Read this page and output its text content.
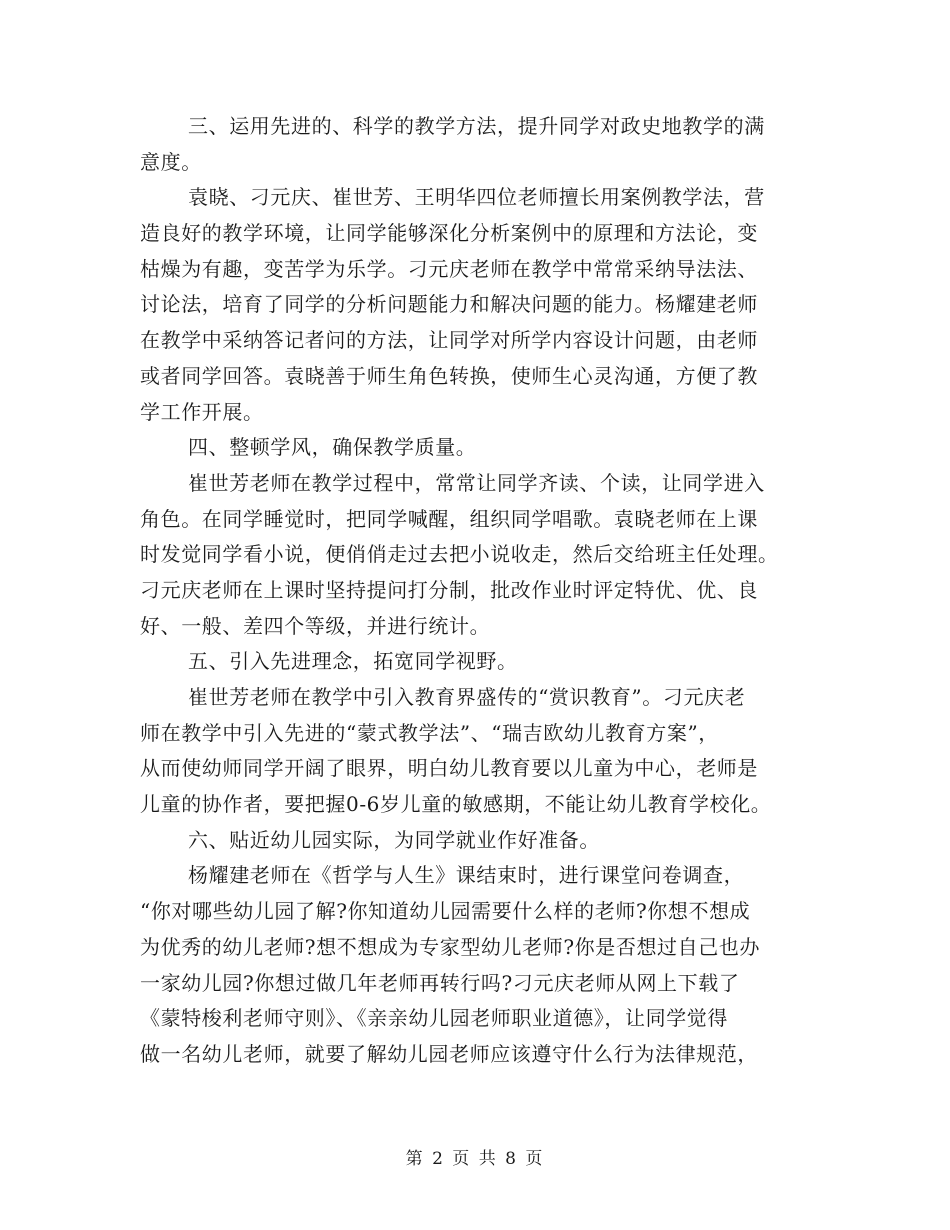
三、运用先进的、科学的教学方法，提升同学对政史地教学的满
意度。
袁晓、刁元庆、崔世芳、王明华四位老师擅长用案例教学法，营
造良好的教学环境，让同学能够深化分析案例中的原理和方法论，变
枯燥为有趣，变苦学为乐学。刁元庆老师在教学中常常采纳导法法、
讨论法，培育了同学的分析问题能力和解决问题的能力。杨耀建老师
在教学中采纳答记者问的方法，让同学对所学内容设计问题，由老师
或者同学回答。袁晓善于师生角色转换，使师生心灵沟通，方便了教
学工作开展。
四、整顿学风，确保教学质量。
崔世芳老师在教学过程中，常常让同学齐读、个读，让同学进入
角色。在同学睡觉时，把同学喊醒，组织同学唱歌。袁晓老师在上课
时发觉同学看小说，便俏俏走过去把小说收走，然后交给班主任处理。
刁元庆老师在上课时坚持提问打分制，批改作业时评定特优、优、良
好、一般、差四个等级，并进行统计。
五、引入先进理念，拓宽同学视野。
崔世芳老师在教学中引入教育界盛传的“赏识教育”。刁元庆老
师在教学中引入先进的“蒙式教学法”、“瑞吉欧幼儿教育方案”，
从而使幼师同学开阔了眼界，明白幼儿教育要以儿童为中心，老师是
儿童的协作者，要把握0-6岁儿童的敏感期，不能让幼儿教育学校化。
六、贴近幼儿园实际，为同学就业作好准备。
杨耀建老师在《哲学与人生》课结束时，进行课堂问卷调查，
“你对哪些幼儿园了解?你知道幼儿园需要什么样的老师?你想不想成
为优秀的幼儿老师?想不想成为专家型幼儿老师?你是否想过自己也办
一家幼儿园?你想过做几年老师再转行吗?刁元庆老师从网上下载了
《蒙特梭利老师守则》、《亲亲幼儿园老师职业道德》，让同学觉得
做一名幼儿老师，就要了解幼儿园老师应该遵守什么行为法律规范，
第 2 页 共 8 页
